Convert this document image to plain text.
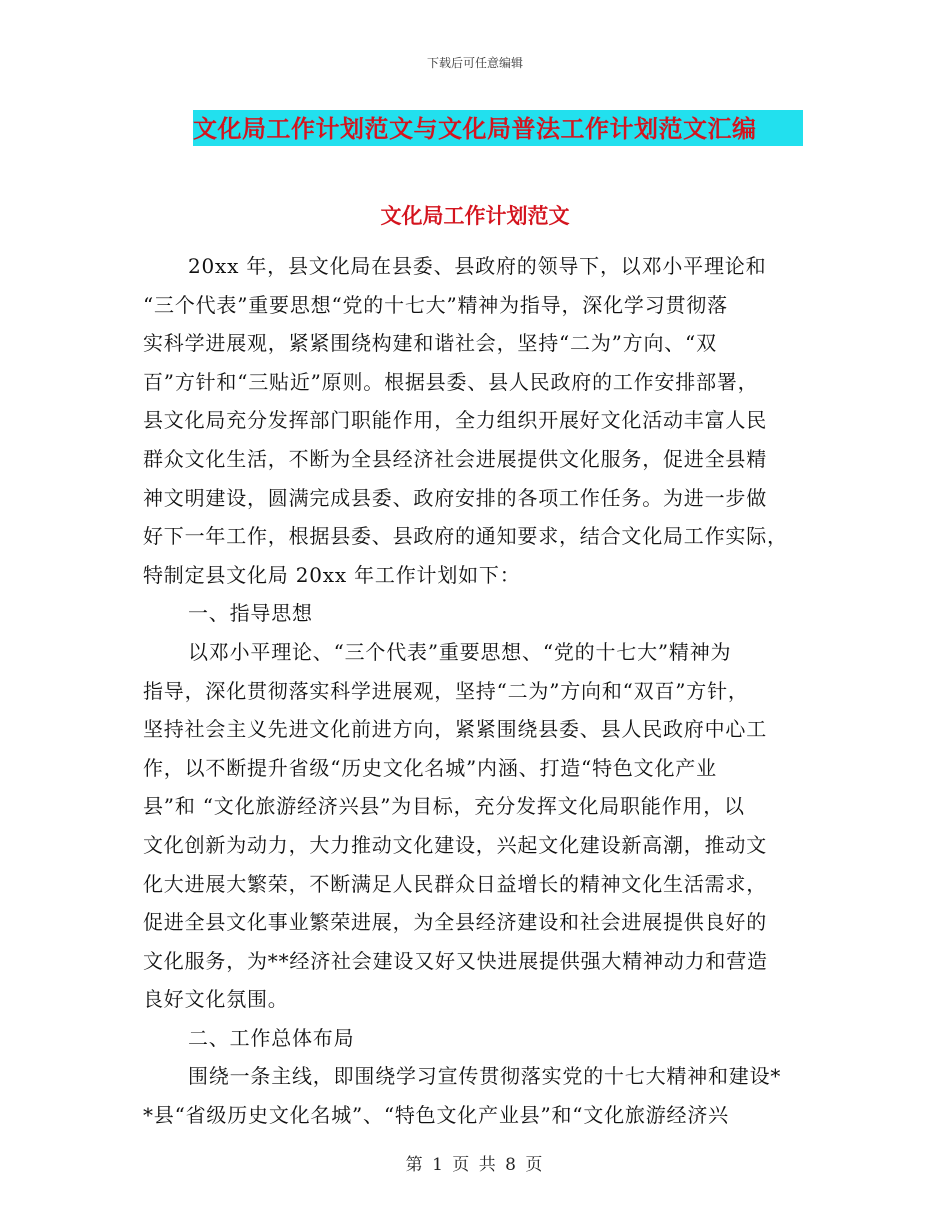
下载后可任意编辑
文化局工作计划范文与文化局普法工作计划范文汇编
文化局工作计划范文
20xx 年，县文化局在县委、县政府的领导下，以邓小平理论和
“三个代表”重要思想“党的十七大”精神为指导，深化学习贯彻落
实科学进展观，紧紧围绕构建和谐社会，坚持“二为”方向、“双
百”方针和“三贴近”原则。根据县委、县人民政府的工作安排部署，
县文化局充分发挥部门职能作用，全力组织开展好文化活动丰富人民
群众文化生活，不断为全县经济社会进展提供文化服务，促进全县精
神文明建设，圆满完成县委、政府安排的各项工作任务。为进一步做
好下一年工作，根据县委、县政府的通知要求，结合文化局工作实际，
特制定县文化局 20xx 年工作计划如下：
一、指导思想
以邓小平理论、“三个代表”重要思想、“党的十七大”精神为
指导，深化贯彻落实科学进展观，坚持“二为”方向和“双百”方针，
坚持社会主义先进文化前进方向，紧紧围绕县委、县人民政府中心工
作，以不断提升省级“历史文化名城”内涵、打造“特色文化产业
县”和 “文化旅游经济兴县”为目标，充分发挥文化局职能作用，以
文化创新为动力，大力推动文化建设，兴起文化建设新高潮，推动文
化大进展大繁荣，不断满足人民群众日益增长的精神文化生活需求，
促进全县文化事业繁荣进展，为全县经济建设和社会进展提供良好的
文化服务，为**经济社会建设又好又快进展提供强大精神动力和营造
良好文化氛围。
二、工作总体布局
围绕一条主线，即围绕学习宣传贯彻落实党的十七大精神和建设*
*县“省级历史文化名城”、“特色文化产业县”和“文化旅游经济兴
第 1 页 共 8 页
